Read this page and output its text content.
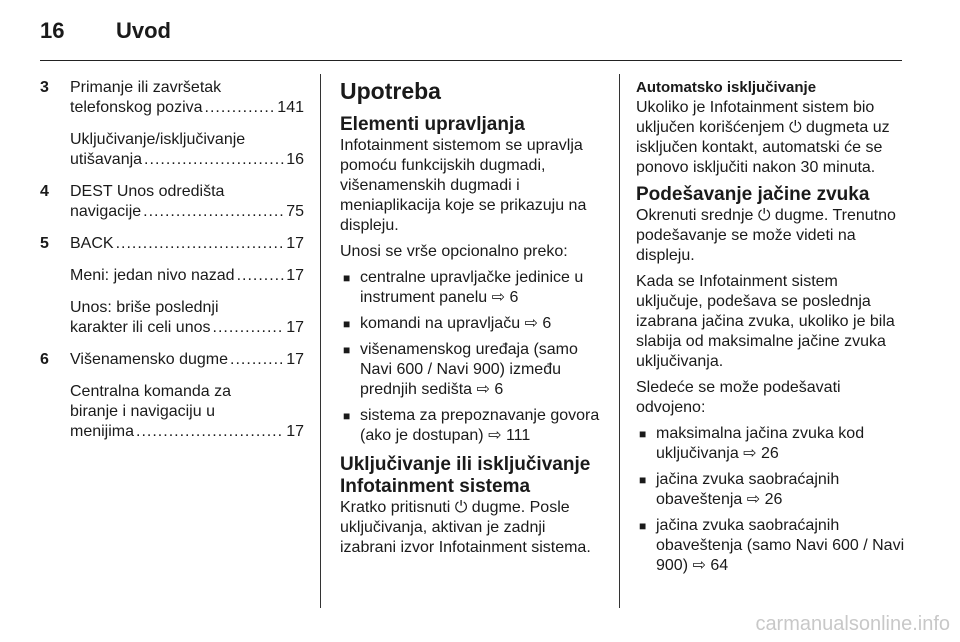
16 Uvod
3 Primanje ili završetak
telefonskog poziva .....	141
Uključivanje/isključivanje
utišavanja .....	16
4 DEST Unos odredišta
navigacije .....	75
5 BACK .....	17
Meni: jedan nivo nazad .....	17
Unos: briše poslednji
karakter ili celi unos .....	17
6 Višenamensko dugme .....	17
Centralna komanda za
biranje i navigaciju u
menijima .....	17
Upotreba
Elementi upravljanja

Infotainment sistemom se upravlja pomoću funkcijskih dugmadi, višenamenskih dugmadi i meniaplikacija koje se prikazuju na displeju.

Unosi se vrše opcionalno preko:

■ centralne upravljačke jedinice u instrument panelu ⇨ 6
■ komandi na upravljaču ⇨ 6
■ višenamenskog uređaja (samo Navi 600 / Navi 900) između prednjih sedišta ⇨ 6
■ sistema za prepoznavanje govora (ako je dostupan) ⇨ 111
Uključivanje ili isključivanje Infotainment sistema

Kratko pritisnuti ⏻ dugme. Posle uključivanja, aktivan je zadnji izabrani izvor Infotainment sistema.

Automatsko isključivanje

Ukoliko je Infotainment sistem bio uključen korišćenjem ⏻ dugmeta uz isključen kontakt, automatski će se ponovo isključiti nakon 30 minuta.

Podešavanje jačine zvuka

Okrenuti srednje ⏻ dugme. Trenutno podešavanje se može videti na displeju.

Kada se Infotainment sistem uključuje, podešava se poslednja izabrana jačina zvuka, ukoliko je bila slabija od maksimalne jačine zvuka uključivanja.

Sledeće se može podešavati odvojeno:

■ maksimalna jačina zvuka kod uključivanja ⇨ 26
■ jačina zvuka saobraćajnih obaveštenja ⇨ 26
■ jačina zvuka saobraćajnih obaveštenja (samo Navi 600 / Navi 900) ⇨ 64
carmanualsonline.info
